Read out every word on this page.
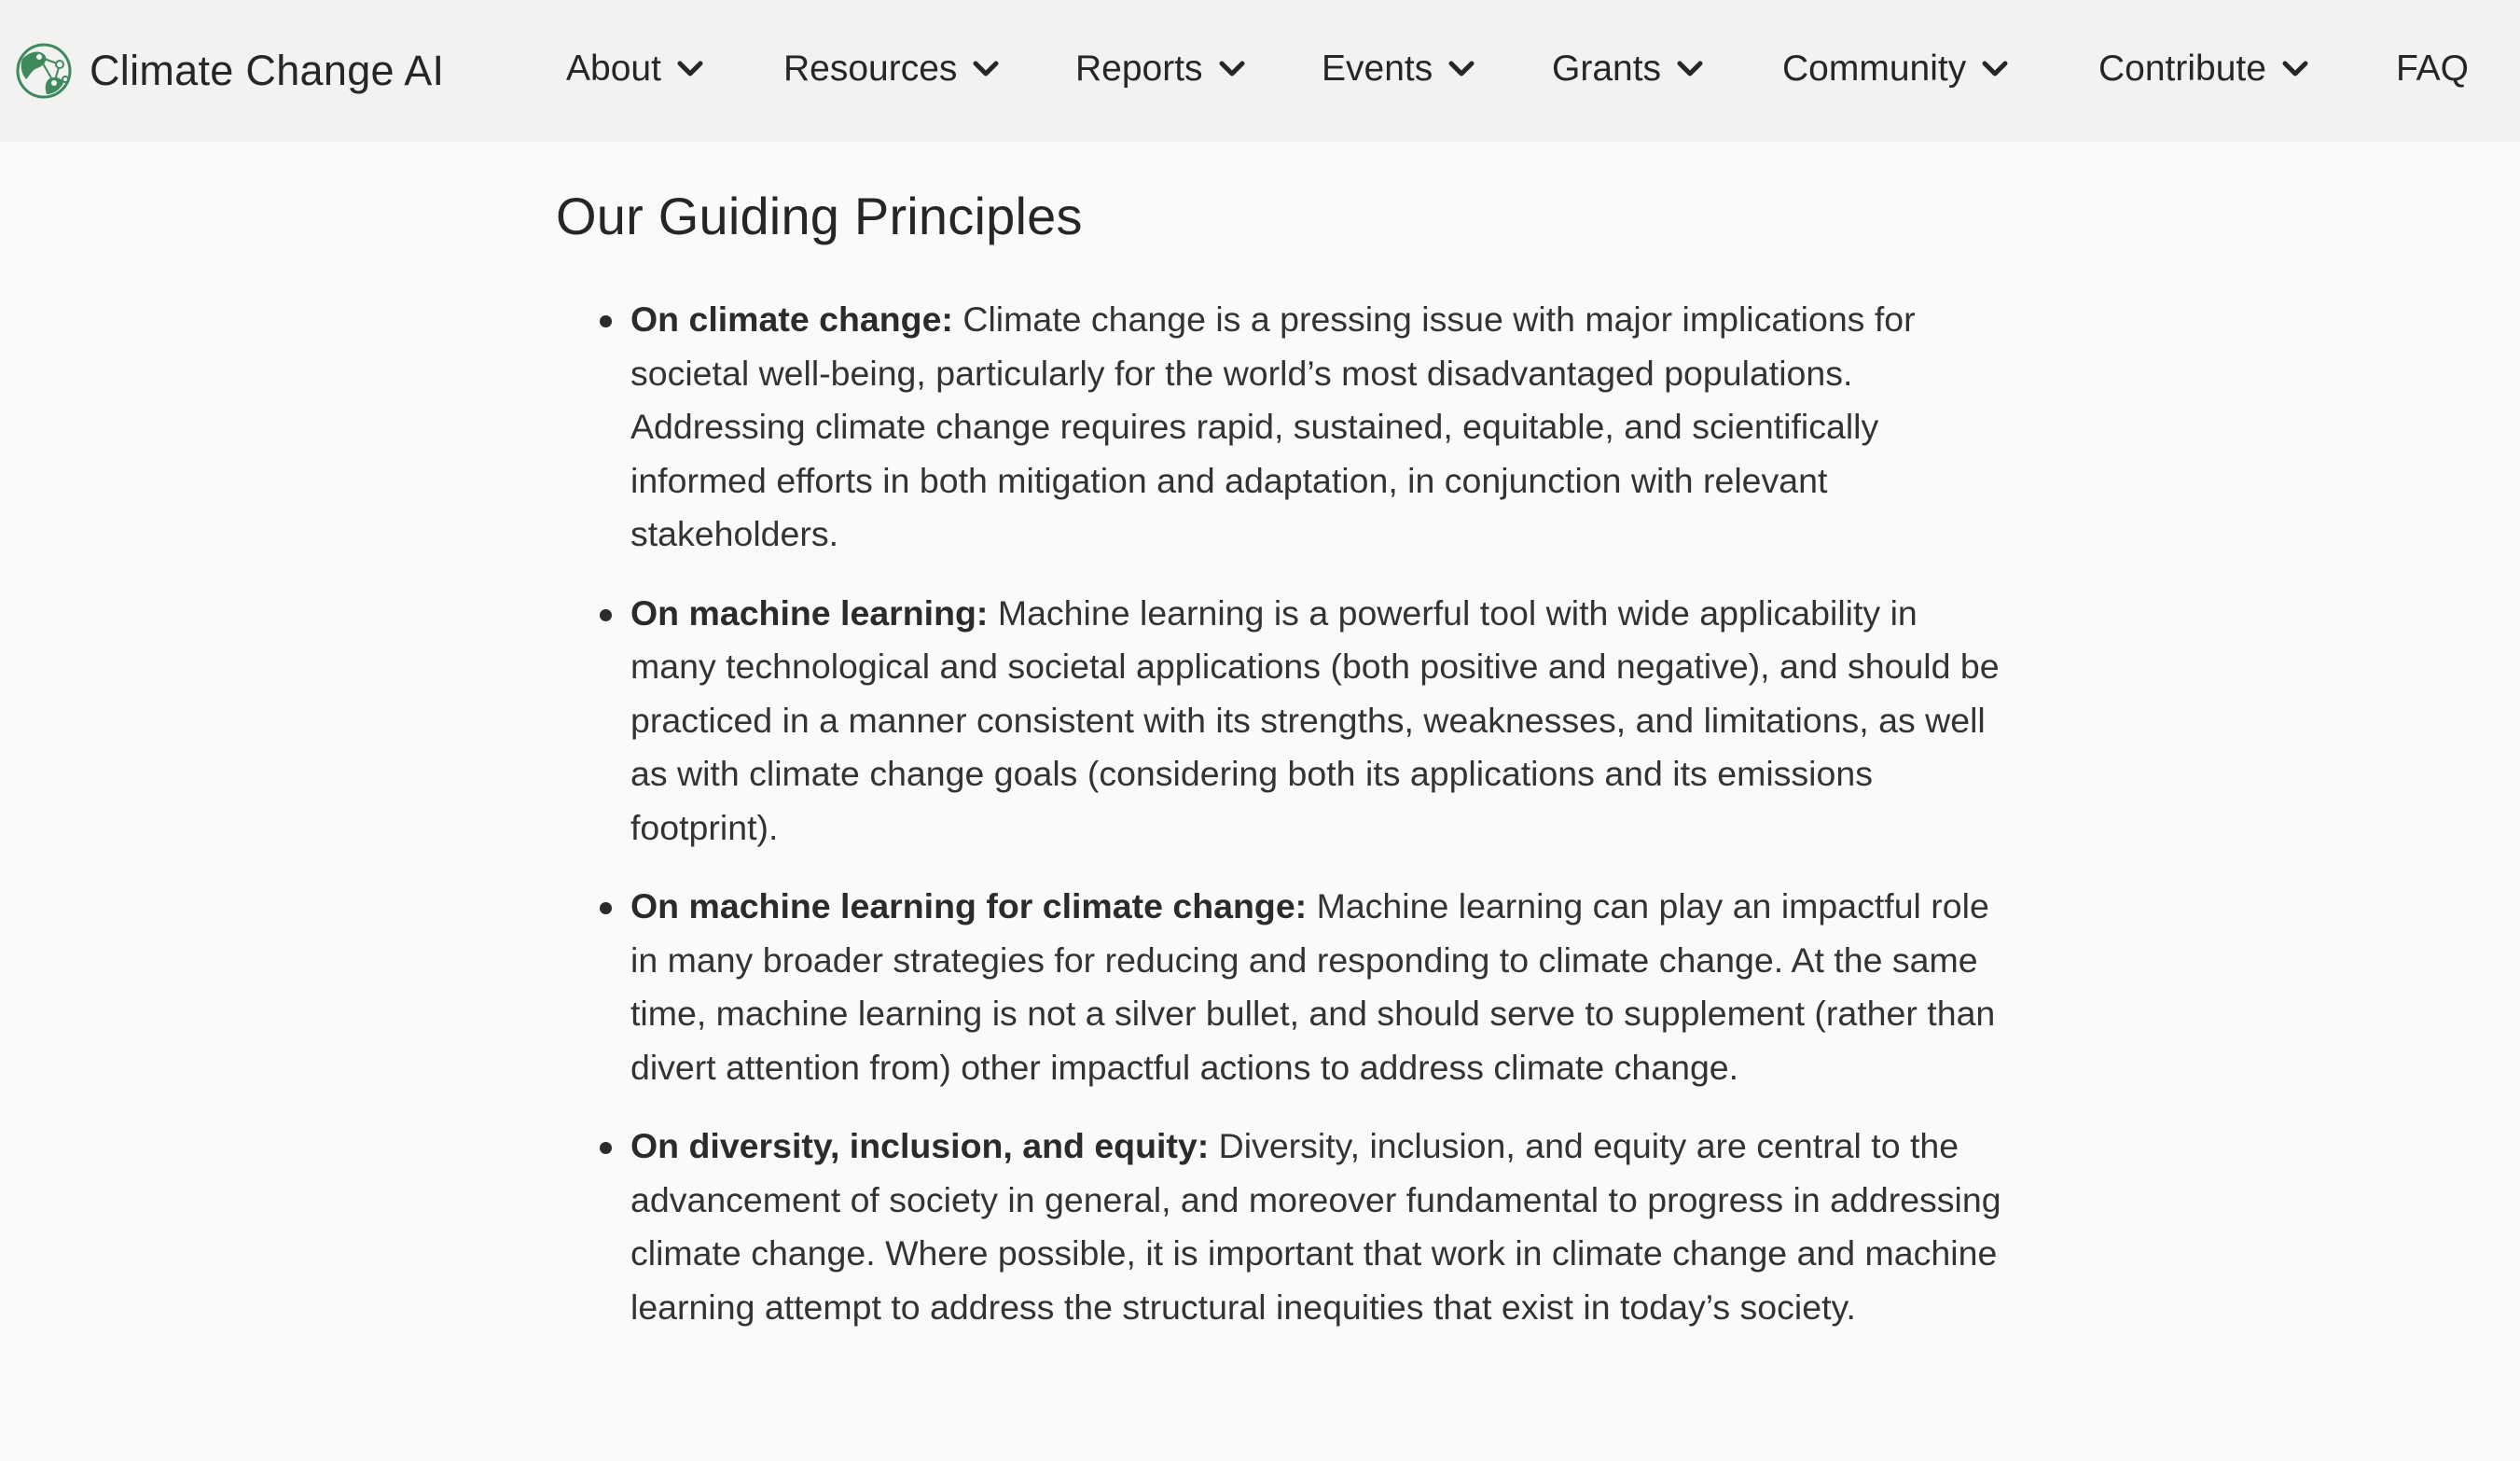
Climate Change AI	About	Resources	Reports	Events	Grants	Community	Contribute	FAQ
Our Guiding Principles
On climate change: Climate change is a pressing issue with major implications for societal well-being, particularly for the world’s most disadvantaged populations. Addressing climate change requires rapid, sustained, equitable, and scientifically informed efforts in both mitigation and adaptation, in conjunction with relevant stakeholders.
On machine learning: Machine learning is a powerful tool with wide applicability in many technological and societal applications (both positive and negative), and should be practiced in a manner consistent with its strengths, weaknesses, and limitations, as well as with climate change goals (considering both its applications and its emissions footprint).
On machine learning for climate change: Machine learning can play an impactful role in many broader strategies for reducing and responding to climate change. At the same time, machine learning is not a silver bullet, and should serve to supplement (rather than divert attention from) other impactful actions to address climate change.
On diversity, inclusion, and equity: Diversity, inclusion, and equity are central to the advancement of society in general, and moreover fundamental to progress in addressing climate change. Where possible, it is important that work in climate change and machine learning attempt to address the structural inequities that exist in today’s society.
